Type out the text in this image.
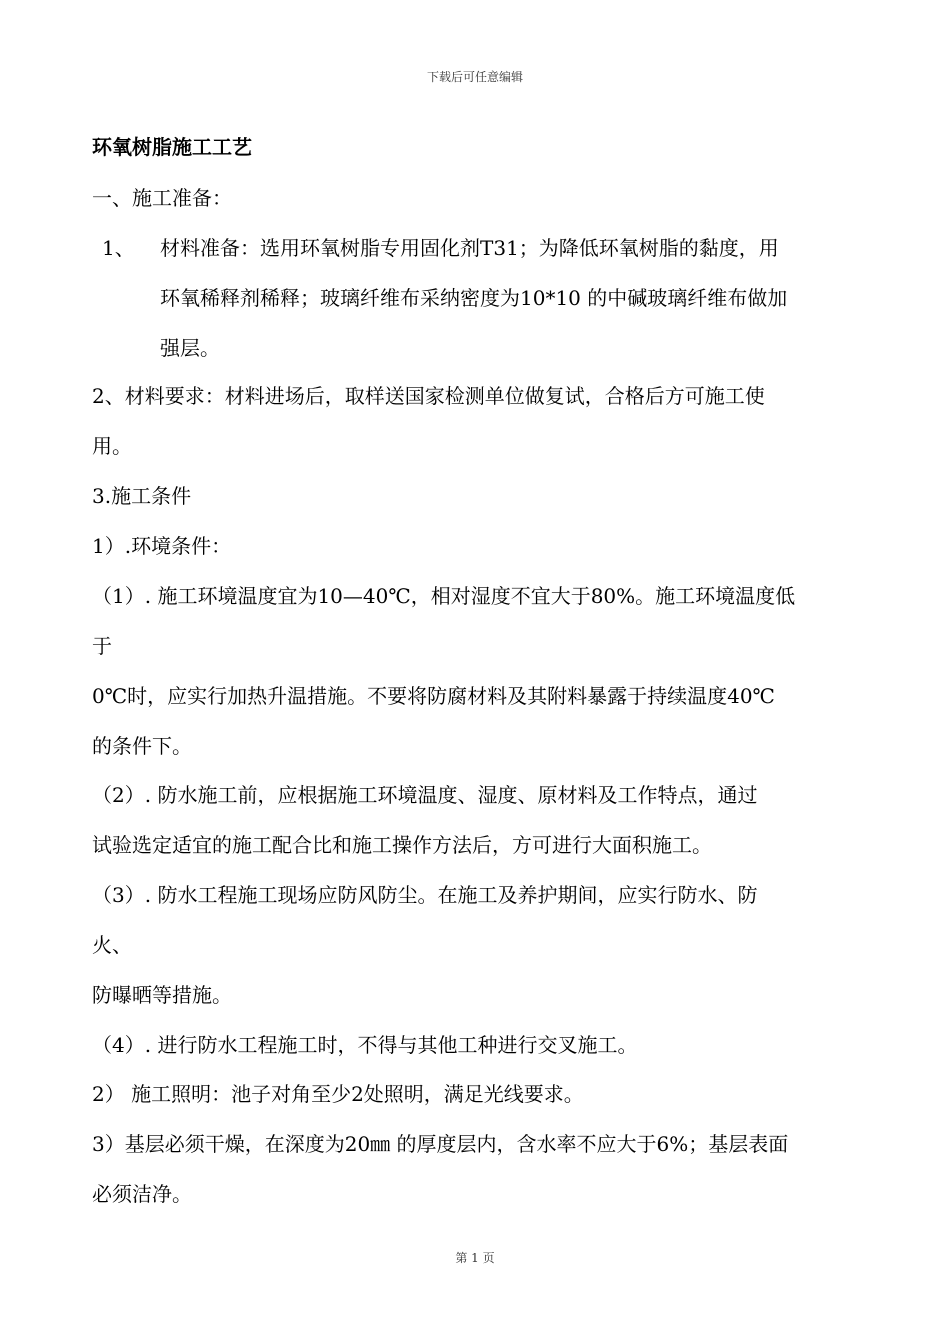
下载后可任意编辑
环氧树脂施工工艺
一、施工准备：
1、 材料准备：选用环氧树脂专用固化剂T31；为降低环氧树脂的黏度，用
环氧稀释剂稀释；玻璃纤维布采纳密度为10*10 的中碱玻璃纤维布做加
强层。
2、材料要求：材料进场后，取样送国家检测单位做复试，合格后方可施工使
用。
3.施工条件
1）.环境条件：
（1）. 施工环境温度宜为10—40℃，相对湿度不宜大于80%。施工环境温度低
于
0℃时，应实行加热升温措施。不要将防腐材料及其附料暴露于持续温度40℃
的条件下。
（2）. 防水施工前，应根据施工环境温度、湿度、原材料及工作特点，通过
试验选定适宜的施工配合比和施工操作方法后，方可进行大面积施工。
（3）. 防水工程施工现场应防风防尘。在施工及养护期间，应实行防水、防
火、
防曝晒等措施。
（4）. 进行防水工程施工时，不得与其他工种进行交叉施工。
2） 施工照明：池子对角至少2处照明，满足光线要求。
3）基层必须干燥，在深度为20㎜ 的厚度层内，含水率不应大于6%；基层表面
必须洁净。
第 1 页
